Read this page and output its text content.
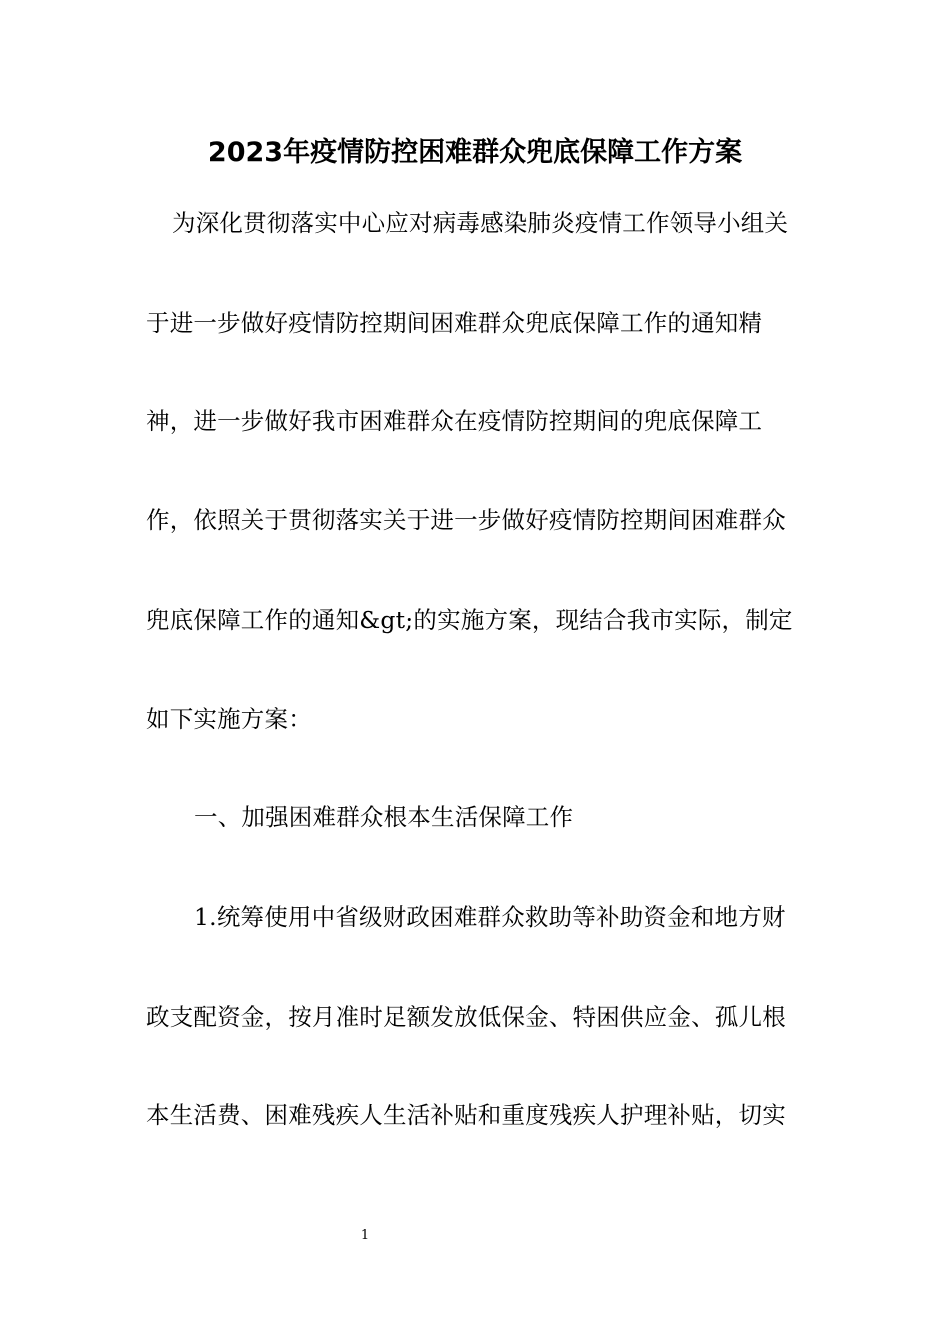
2023年疫情防控困难群众兜底保障工作方案
为深化贯彻落实中心应对病毒感染肺炎疫情工作领导小组关
于进一步做好疫情防控期间困难群众兜底保障工作的通知精
神，进一步做好我市困难群众在疫情防控期间的兜底保障工
作，依照关于贯彻落实关于进一步做好疫情防控期间困难群众
兜底保障工作的通知&gt;的实施方案，现结合我市实际，制定
如下实施方案：
一、加强困难群众根本生活保障工作
1.统筹使用中省级财政困难群众救助等补助资金和地方财
政支配资金，按月准时足额发放低保金、特困供应金、孤儿根
本生活费、困难残疾人生活补贴和重度残疾人护理补贴，切实
1
